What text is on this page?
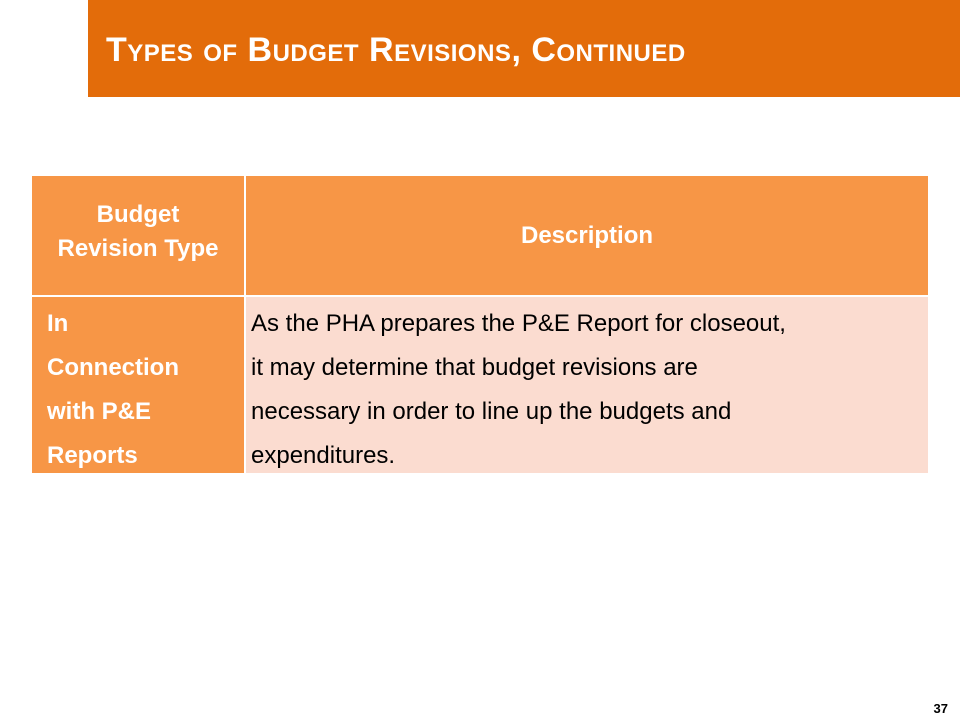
Types of Budget Revisions, Continued
Budget
Revision Type	Description
In
Connection
with P&E
Reports
As the PHA prepares the P&E Report for closeout,
it may determine that budget revisions are
necessary in order to line up the budgets and
expenditures.
37
